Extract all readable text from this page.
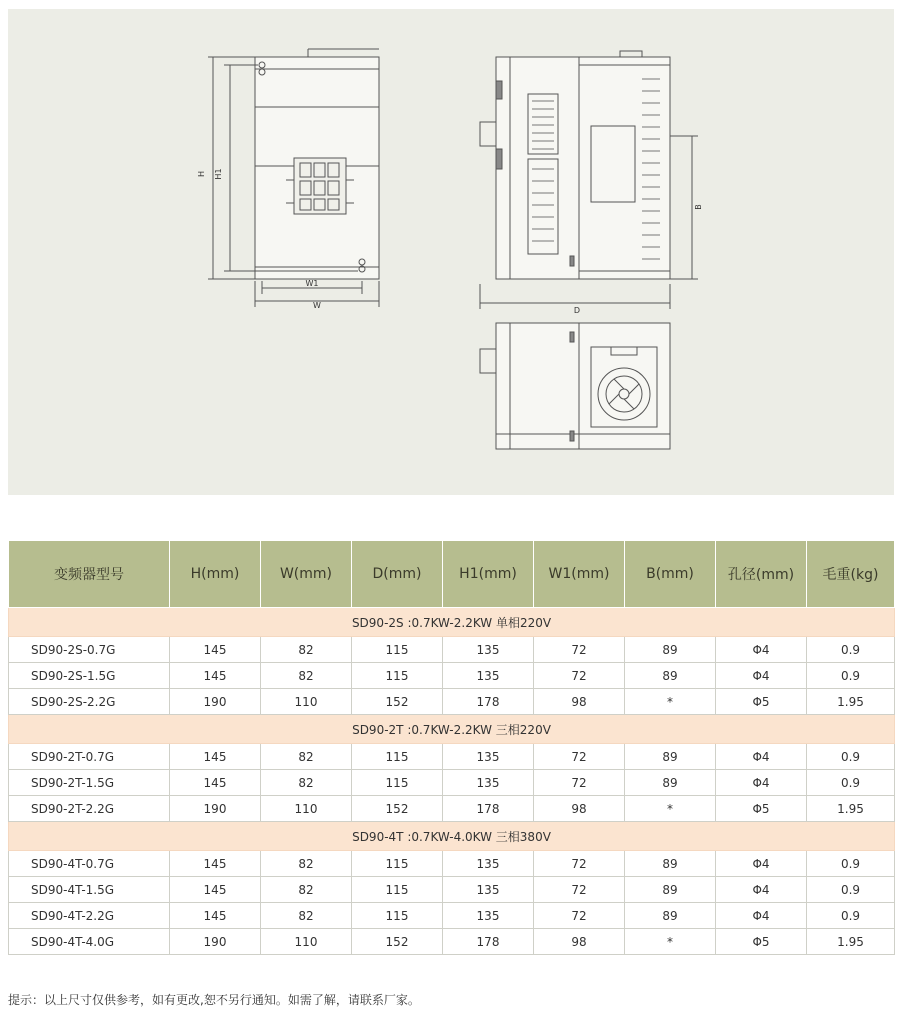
H H1
W1
W
B
D
变频器型号	H(mm)	W(mm)	D(mm)	H1(mm)	W1(mm)	B(mm)	孔径(mm)	毛重(kg)
SD90-2S :0.7KW-2.2KW 单相220V								
SD90-2S-0.7G	145	82	115	135	72	89	Φ4	0.9
SD90-2S-1.5G	145	82	115	135	72	89	Φ4	0.9
SD90-2S-2.2G	190	110	152	178	98	*	Φ5	1.95
SD90-2T :0.7KW-2.2KW 三相220V								
SD90-2T-0.7G	145	82	115	135	72	89	Φ4	0.9
SD90-2T-1.5G	145	82	115	135	72	89	Φ4	0.9
SD90-2T-2.2G	190	110	152	178	98	*	Φ5	1.95
SD90-4T :0.7KW-4.0KW 三相380V								
SD90-4T-0.7G	145	82	115	135	72	89	Φ4	0.9
SD90-4T-1.5G	145	82	115	135	72	89	Φ4	0.9
SD90-4T-2.2G	145	82	115	135	72	89	Φ4	0.9
SD90-4T-4.0G	190	110	152	178	98	*	Φ5	1.95
提示：以上尺寸仅供参考，如有更改,恕不另行通知。如需了解，请联系厂家。
